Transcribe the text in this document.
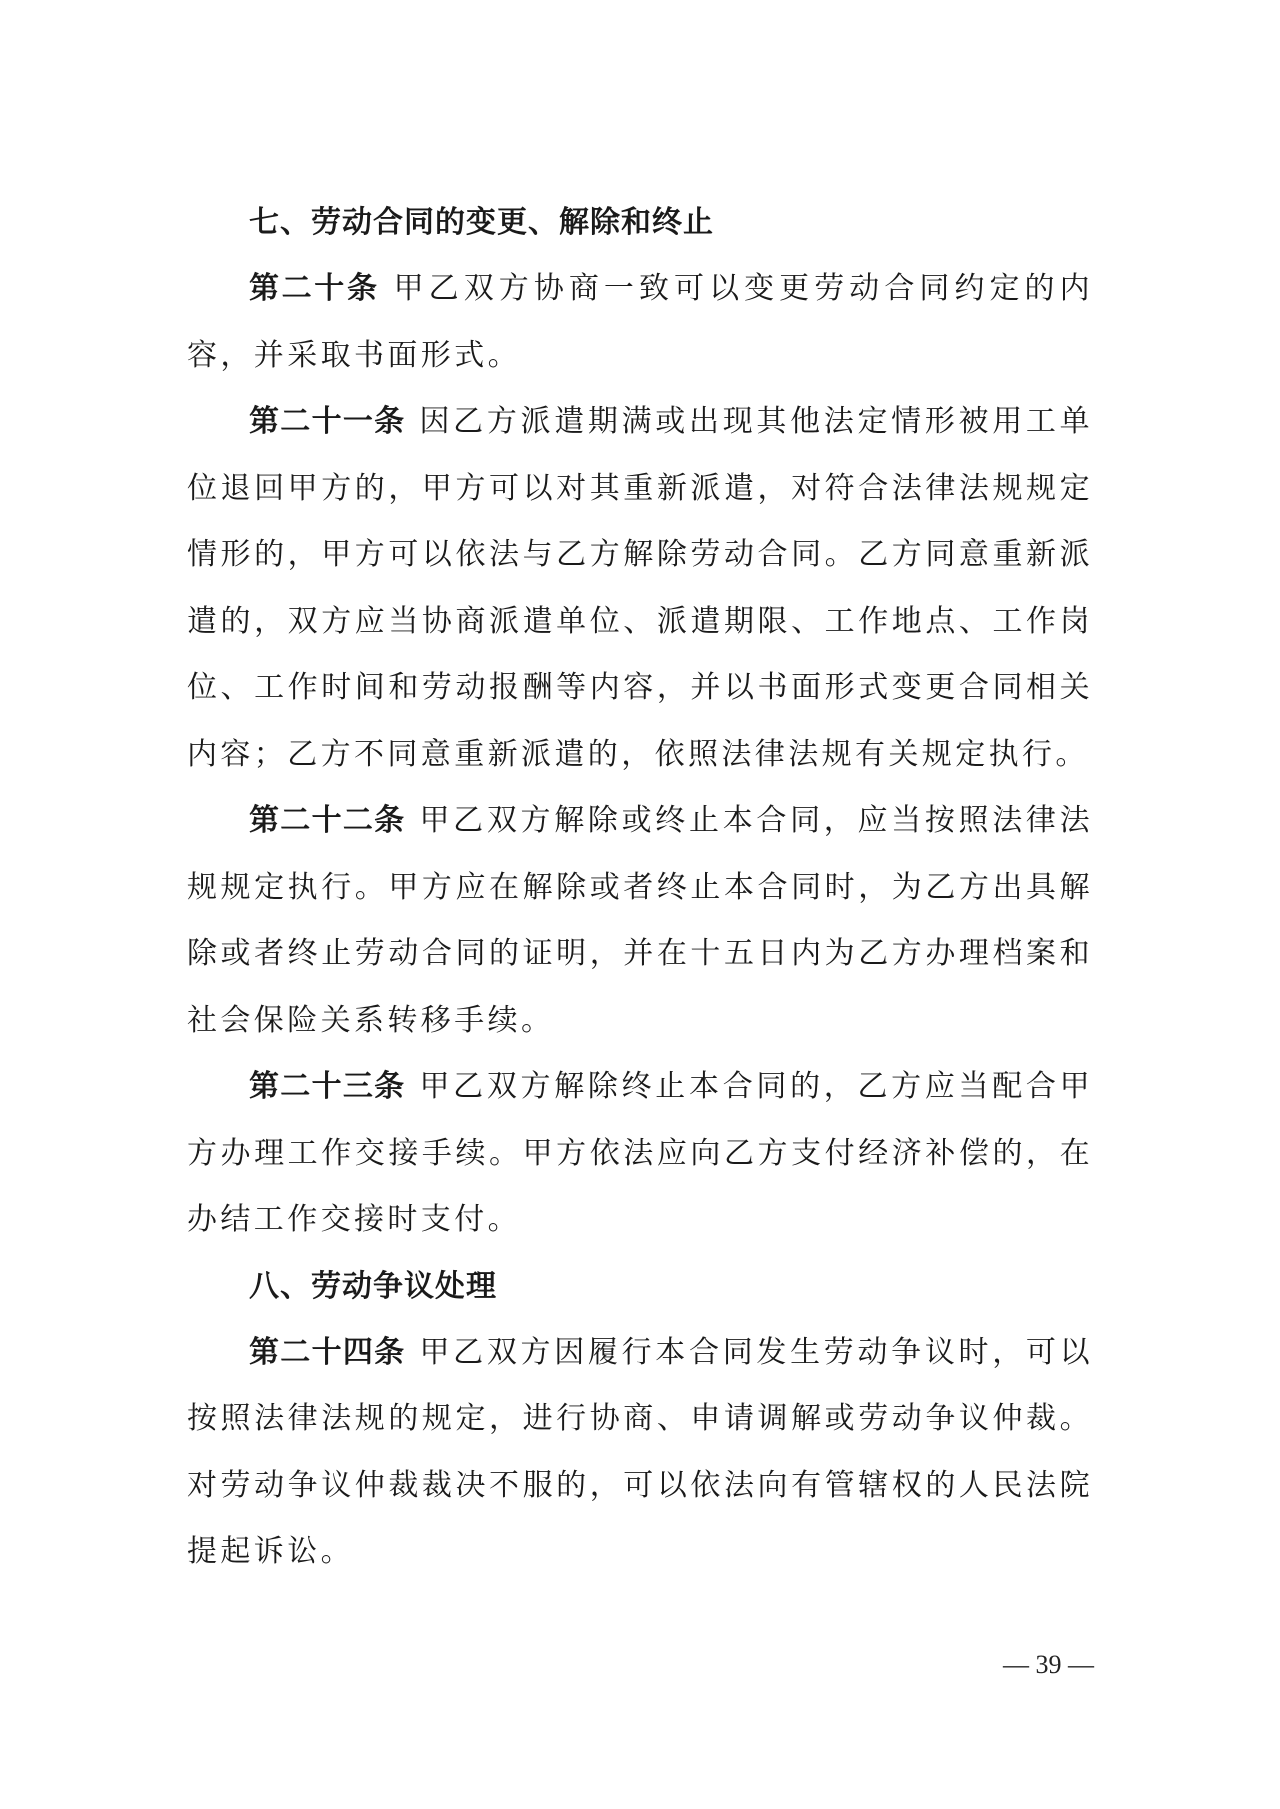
七、劳动合同的变更、解除和终止

第二十条 甲乙双方协商一致可以变更劳动合同约定的内容，并采取书面形式。

第二十一条 因乙方派遣期满或出现其他法定情形被用工单位退回甲方的，甲方可以对其重新派遣，对符合法律法规规定情形的，甲方可以依法与乙方解除劳动合同。乙方同意重新派遣的，双方应当协商派遣单位、派遣期限、工作地点、工作岗位、工作时间和劳动报酬等内容，并以书面形式变更合同相关内容；乙方不同意重新派遣的，依照法律法规有关规定执行。

第二十二条 甲乙双方解除或终止本合同，应当按照法律法规规定执行。甲方应在解除或者终止本合同时，为乙方出具解除或者终止劳动合同的证明，并在十五日内为乙方办理档案和社会保险关系转移手续。

第二十三条 甲乙双方解除终止本合同的，乙方应当配合甲方办理工作交接手续。甲方依法应向乙方支付经济补偿的，在办结工作交接时支付。

八、劳动争议处理

第二十四条 甲乙双方因履行本合同发生劳动争议时，可以按照法律法规的规定，进行协商、申请调解或劳动争议仲裁。对劳动争议仲裁裁决不服的，可以依法向有管辖权的人民法院提起诉讼。

— 39 —
